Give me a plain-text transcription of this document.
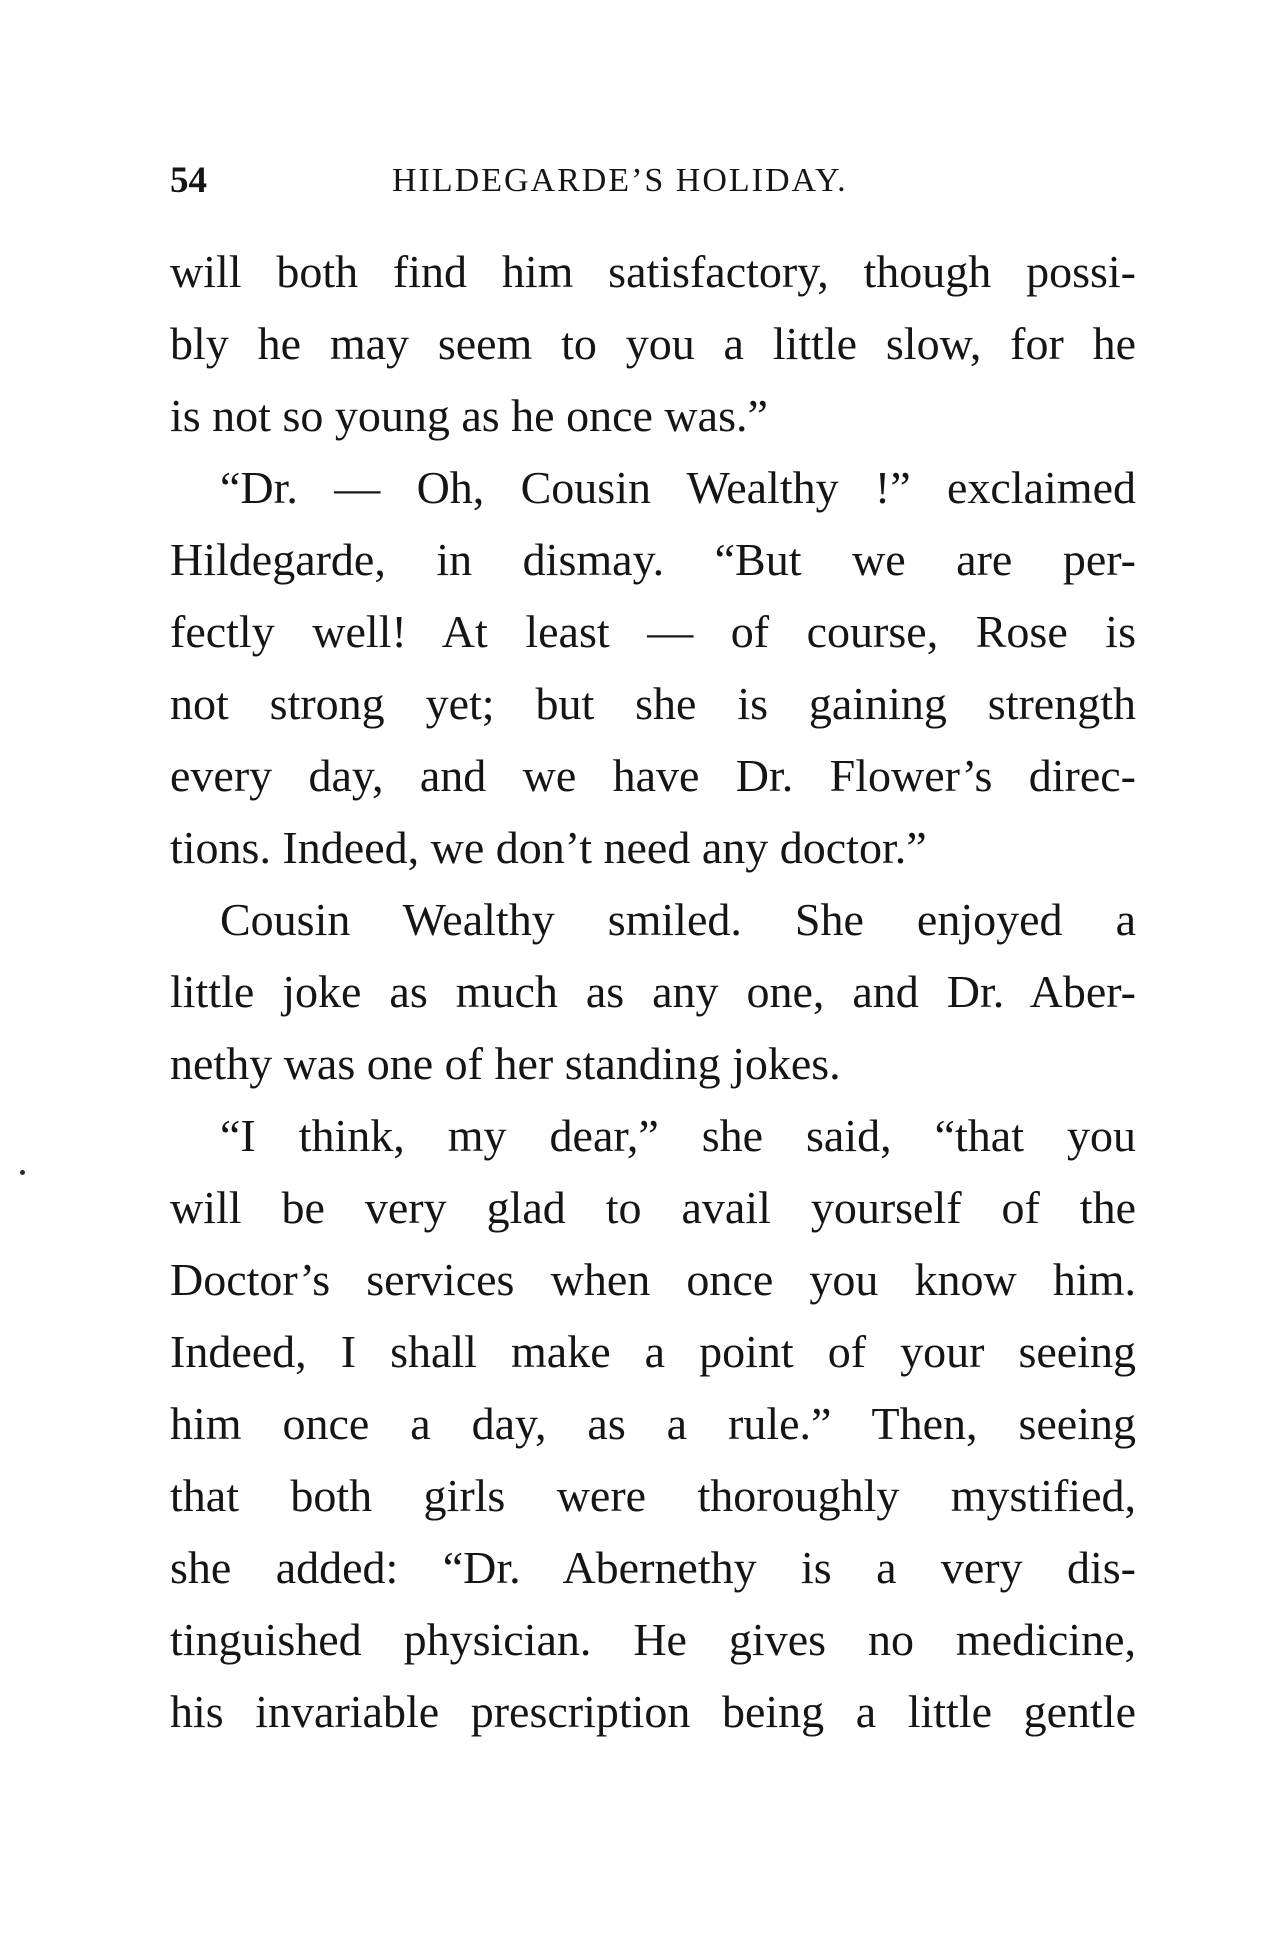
54	HILDEGARDE’S HOLIDAY.
will both find him satisfactory, though possi-
bly he may seem to you a little slow, for he
is not so young as he once was.”
“Dr. — Oh, Cousin Wealthy !” exclaimed
Hildegarde, in dismay. “But we are per-
fectly well! At least — of course, Rose is
not strong yet; but she is gaining strength
every day, and we have Dr. Flower’s direc-
tions. Indeed, we don’t need any doctor.”
Cousin Wealthy smiled. She enjoyed a
little joke as much as any one, and Dr. Aber-
nethy was one of her standing jokes.
“I think, my dear,” she said, “that you
will be very glad to avail yourself of the
Doctor’s services when once you know him.
Indeed, I shall make a point of your seeing
him once a day, as a rule.” Then, seeing
that both girls were thoroughly mystified,
she added: “Dr. Abernethy is a very dis-
tinguished physician. He gives no medicine,
his invariable prescription being a little gentle
